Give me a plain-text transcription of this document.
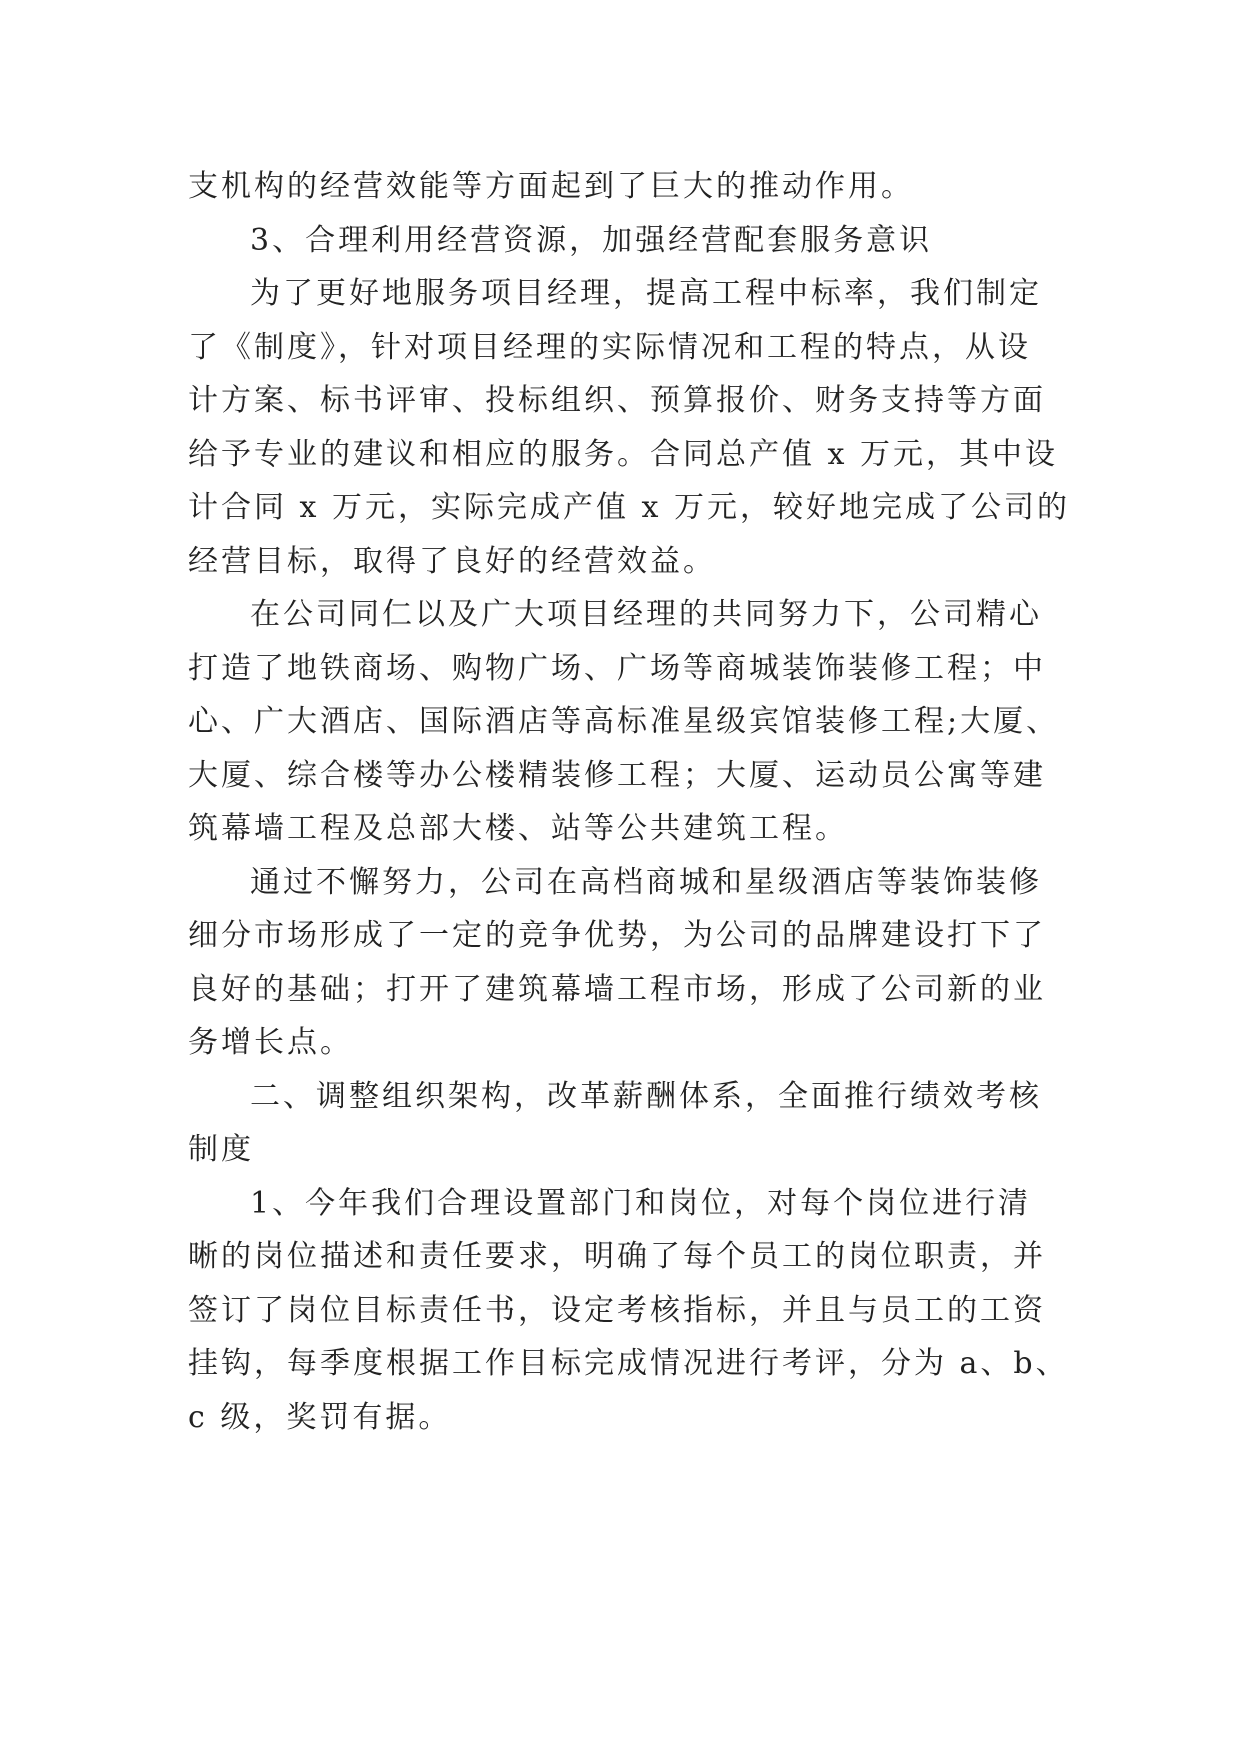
支机构的经营效能等方面起到了巨大的推动作用。
3、合理利用经营资源，加强经营配套服务意识
为了更好地服务项目经理，提高工程中标率，我们制定
了《制度》，针对项目经理的实际情况和工程的特点，从设
计方案、标书评审、投标组织、预算报价、财务支持等方面
给予专业的建议和相应的服务。合同总产值 x 万元，其中设
计合同 x 万元，实际完成产值 x 万元，较好地完成了公司的
经营目标，取得了良好的经营效益。
在公司同仁以及广大项目经理的共同努力下，公司精心
打造了地铁商场、购物广场、广场等商城装饰装修工程；中
心、广大酒店、国际酒店等高标准星级宾馆装修工程;大厦、
大厦、综合楼等办公楼精装修工程；大厦、运动员公寓等建
筑幕墙工程及总部大楼、站等公共建筑工程。
通过不懈努力，公司在高档商城和星级酒店等装饰装修
细分市场形成了一定的竞争优势，为公司的品牌建设打下了
良好的基础；打开了建筑幕墙工程市场，形成了公司新的业
务增长点。
二、调整组织架构，改革薪酬体系，全面推行绩效考核
制度
1、今年我们合理设置部门和岗位，对每个岗位进行清
晰的岗位描述和责任要求，明确了每个员工的岗位职责，并
签订了岗位目标责任书，设定考核指标，并且与员工的工资
挂钩，每季度根据工作目标完成情况进行考评，分为 a、b、
c 级，奖罚有据。
